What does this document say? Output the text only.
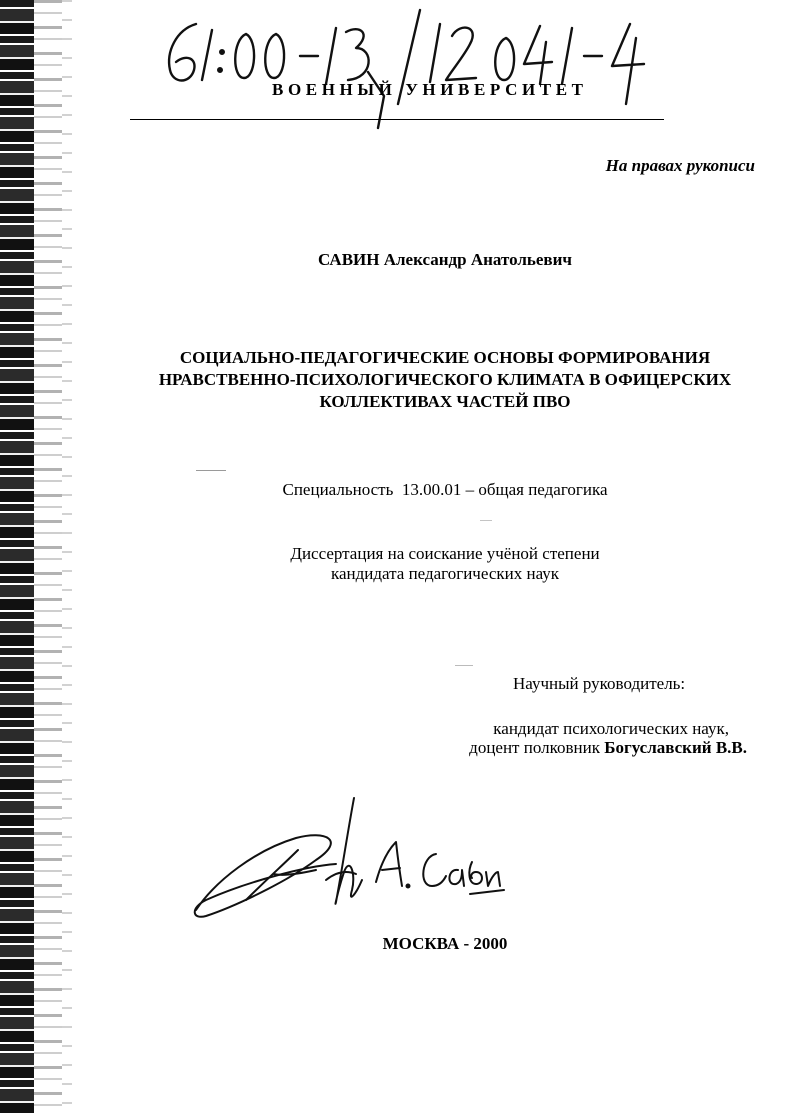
ВОЕННЫЙ УНИВЕРСИТЕТ
На правах рукописи
САВИН Александр Анатольевич
СОЦИАЛЬНО-ПЕДАГОГИЧЕСКИЕ ОСНОВЫ ФОРМИРОВАНИЯ
НРАВСТВЕННО-ПСИХОЛОГИЧЕСКОГО КЛИМАТА В ОФИЦЕРСКИХ
КОЛЛЕКТИВАХ ЧАСТЕЙ ПВО
Специальность  13.00.01 – общая педагогика
Диссертация на соискание учёной степени
кандидата педагогических наук
Научный руководитель:
кандидат психологических наук,
доцент полковник Богуславский В.В.
МОСКВА - 2000
